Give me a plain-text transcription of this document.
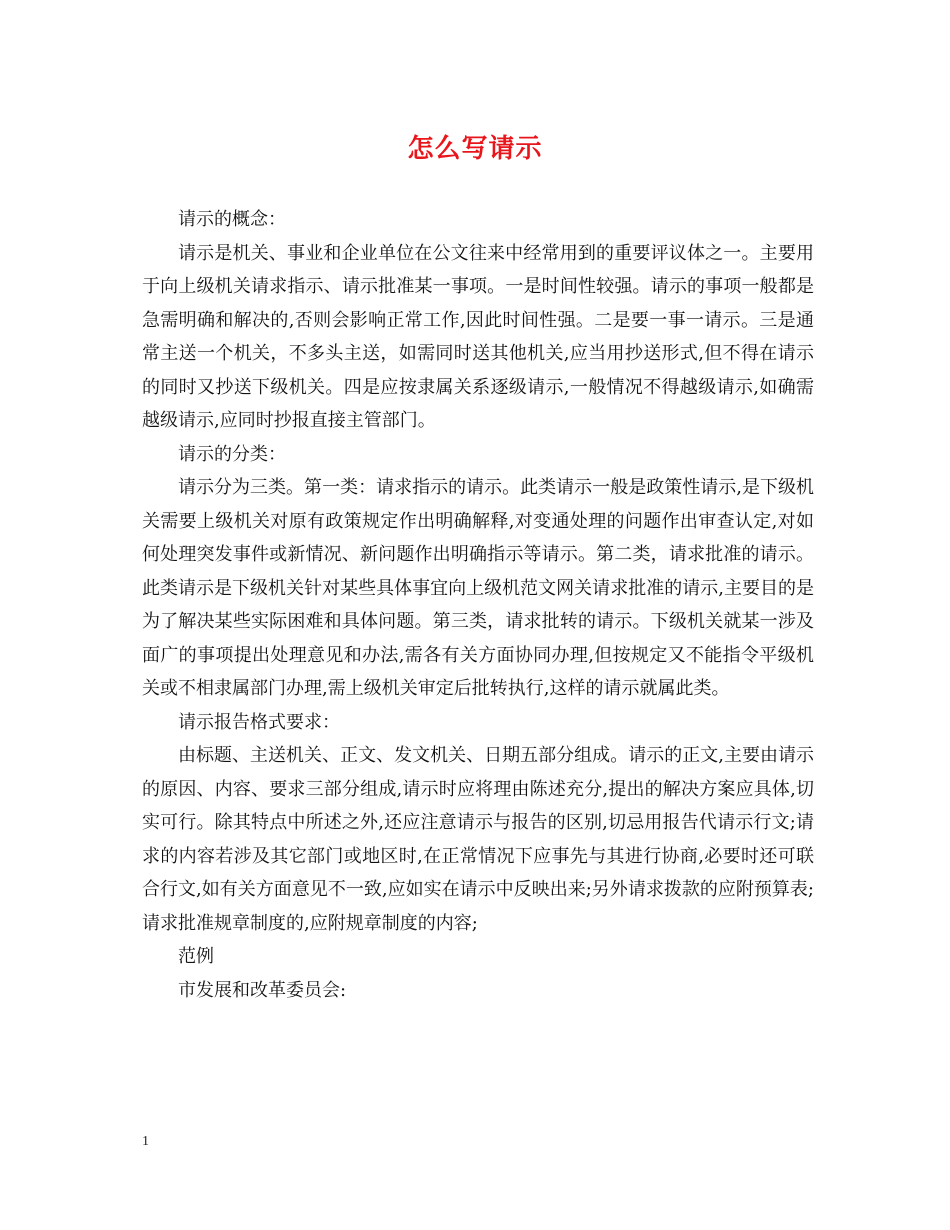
怎么写请示

请示的概念：

请示是机关、事业和企业单位在公文往来中经常用到的重要评议体之一。主要用于向上级机关请求指示、请示批准某一事项。一是时间性较强。请示的事项一般都是急需明确和解决的,否则会影响正常工作,因此时间性强。二是要一事一请示。三是通常主送一个机关，不多头主送，如需同时送其他机关,应当用抄送形式,但不得在请示的同时又抄送下级机关。四是应按隶属关系逐级请示,一般情况不得越级请示,如确需越级请示,应同时抄报直接主管部门。

请示的分类：

请示分为三类。第一类：请求指示的请示。此类请示一般是政策性请示,是下级机关需要上级机关对原有政策规定作出明确解释,对变通处理的问题作出审查认定,对如何处理突发事件或新情况、新问题作出明确指示等请示。第二类，请求批准的请示。此类请示是下级机关针对某些具体事宜向上级机范文网关请求批准的请示,主要目的是为了解决某些实际困难和具体问题。第三类，请求批转的请示。下级机关就某一涉及面广的事项提出处理意见和办法,需各有关方面协同办理,但按规定又不能指令平级机关或不相隶属部门办理,需上级机关审定后批转执行,这样的请示就属此类。

请示报告格式要求：

由标题、主送机关、正文、发文机关、日期五部分组成。请示的正文,主要由请示的原因、内容、要求三部分组成,请示时应将理由陈述充分,提出的解决方案应具体,切实可行。除其特点中所述之外,还应注意请示与报告的区别,切忌用报告代请示行文;请求的内容若涉及其它部门或地区时,在正常情况下应事先与其进行协商,必要时还可联合行文,如有关方面意见不一致,应如实在请示中反映出来;另外请求拨款的应附预算表;请求批准规章制度的,应附规章制度的内容;

范例

市发展和改革委员会:

1
